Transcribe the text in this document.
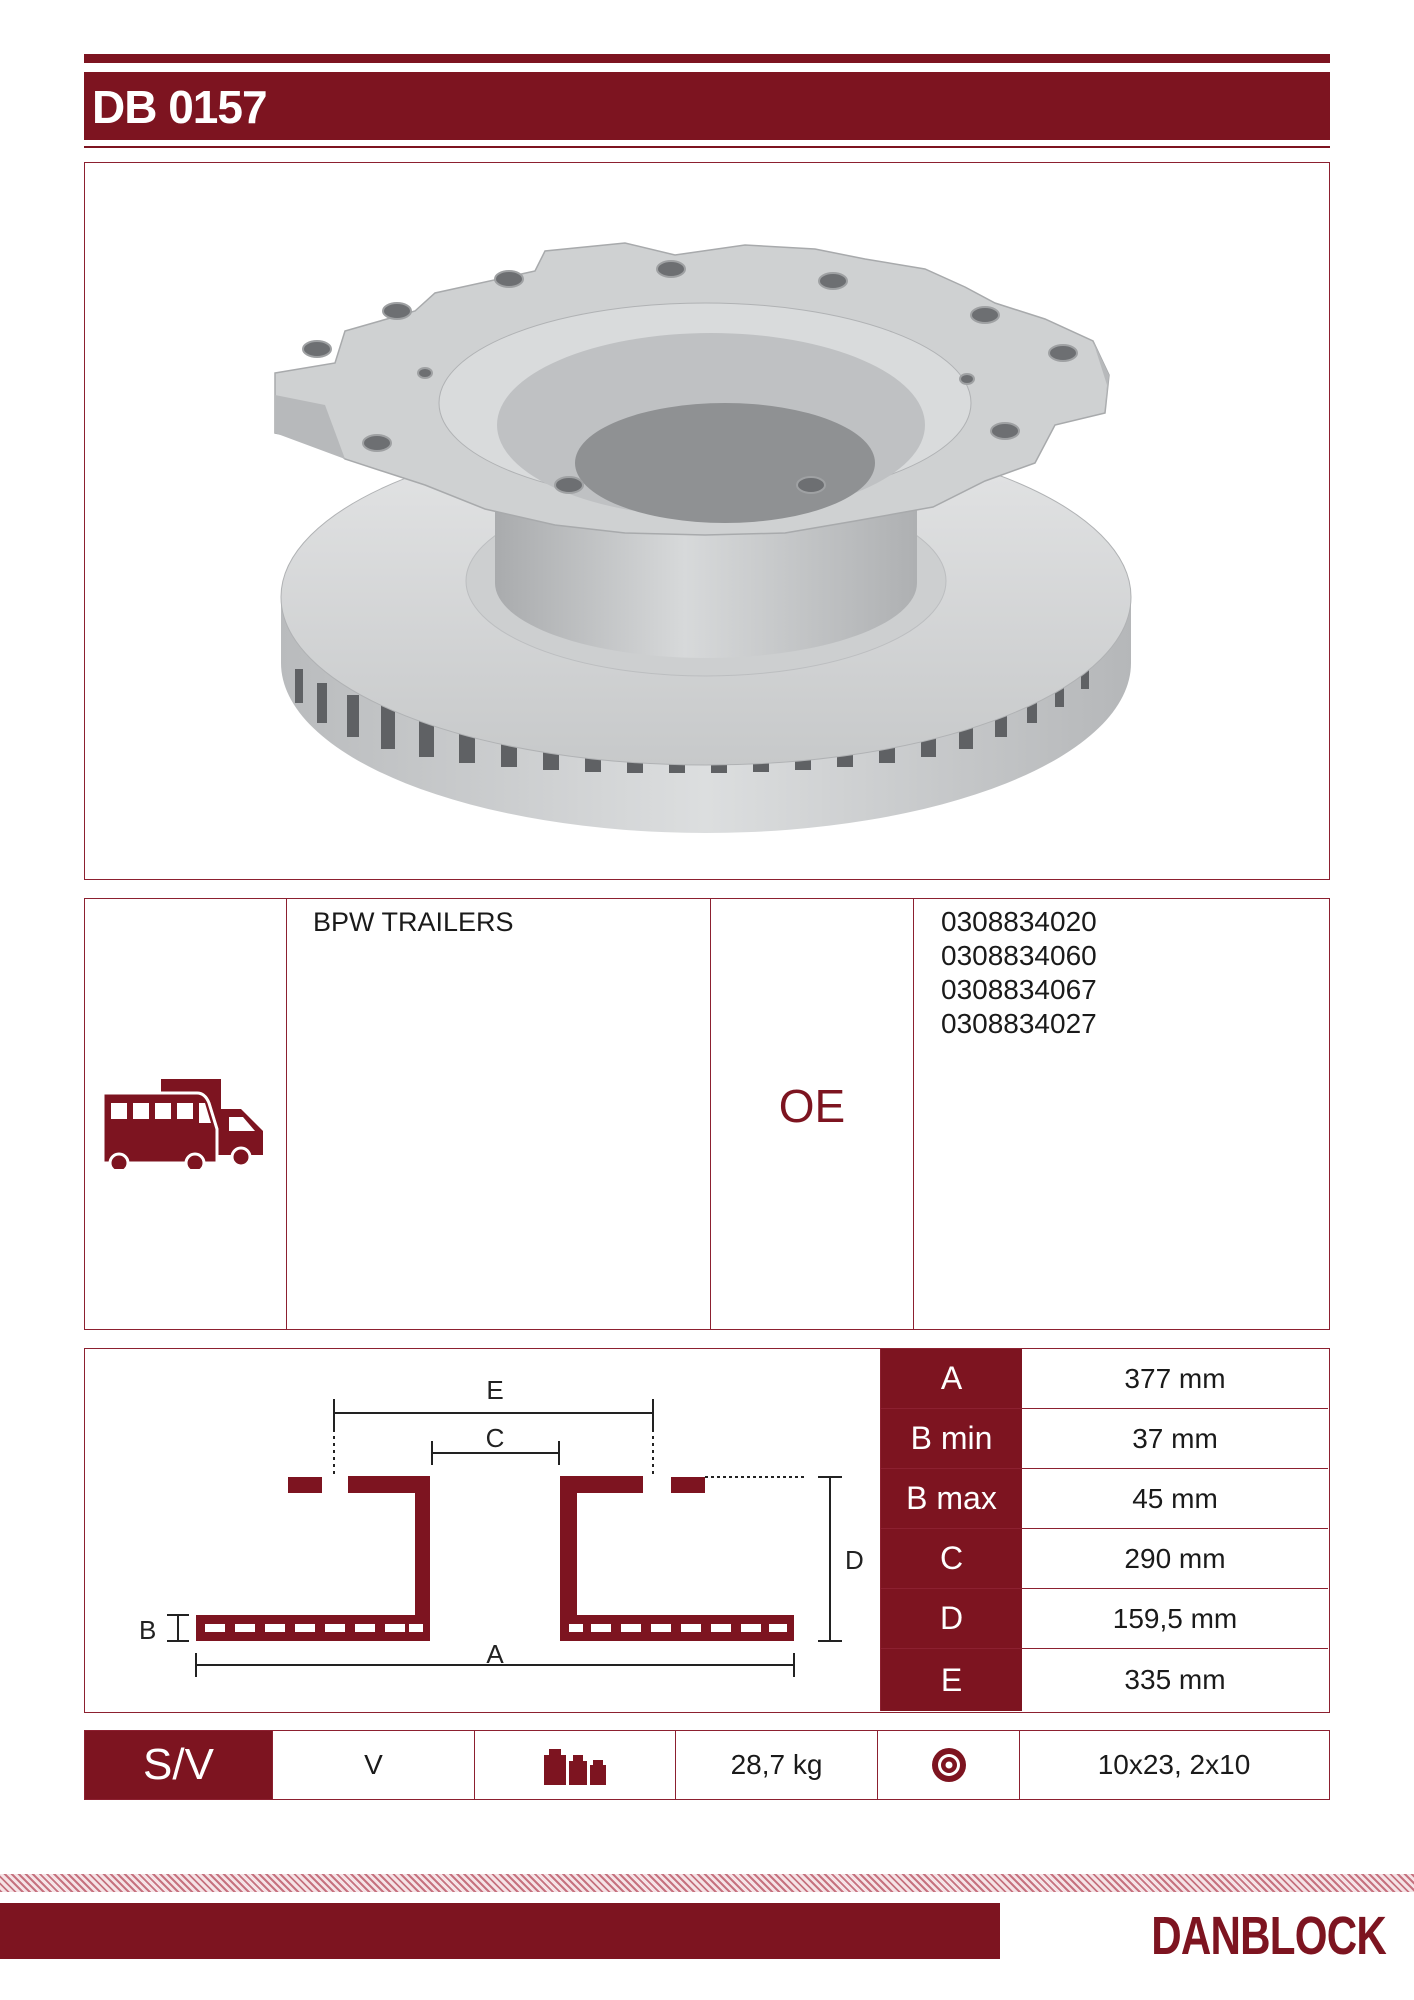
DB 0157
BPW TRAILERS
OE
0308834020
0308834060
0308834067
0308834027
E
C
D
A
B
A	377 mm
B min	37 mm
B max	45 mm
C	290 mm
D	159,5 mm
E	335 mm
S/V	V	28,7 kg	10x23, 2x10
DANBLOCK
